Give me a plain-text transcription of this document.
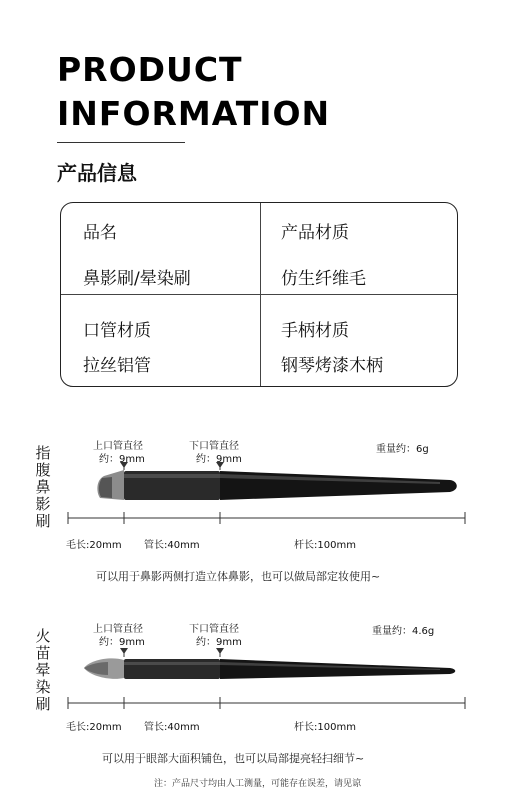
PRODUCT
INFORMATION
产品信息
品名
鼻影刷/晕染刷
产品材质
仿生纤维毛
口管材质
拉丝铝管
手柄材质
钢琴烤漆木柄
指腹鼻影刷
上口管直径
约：9mm
下口管直径
约：9mm
重量约：6g
毛长:20mm 管长:40mm	杆长:100mm
可以用于鼻影两侧打造立体鼻影，也可以做局部定妆使用~
火苗晕染刷
上口管直径
约：9mm
下口管直径
约：9mm
重量约：4.6g
毛长:20mm 管长:40mm	杆长:100mm
可以用于眼部大面积铺色，也可以局部提亮轻扫细节~
注：产品尺寸均由人工测量，可能存在误差，请见谅
